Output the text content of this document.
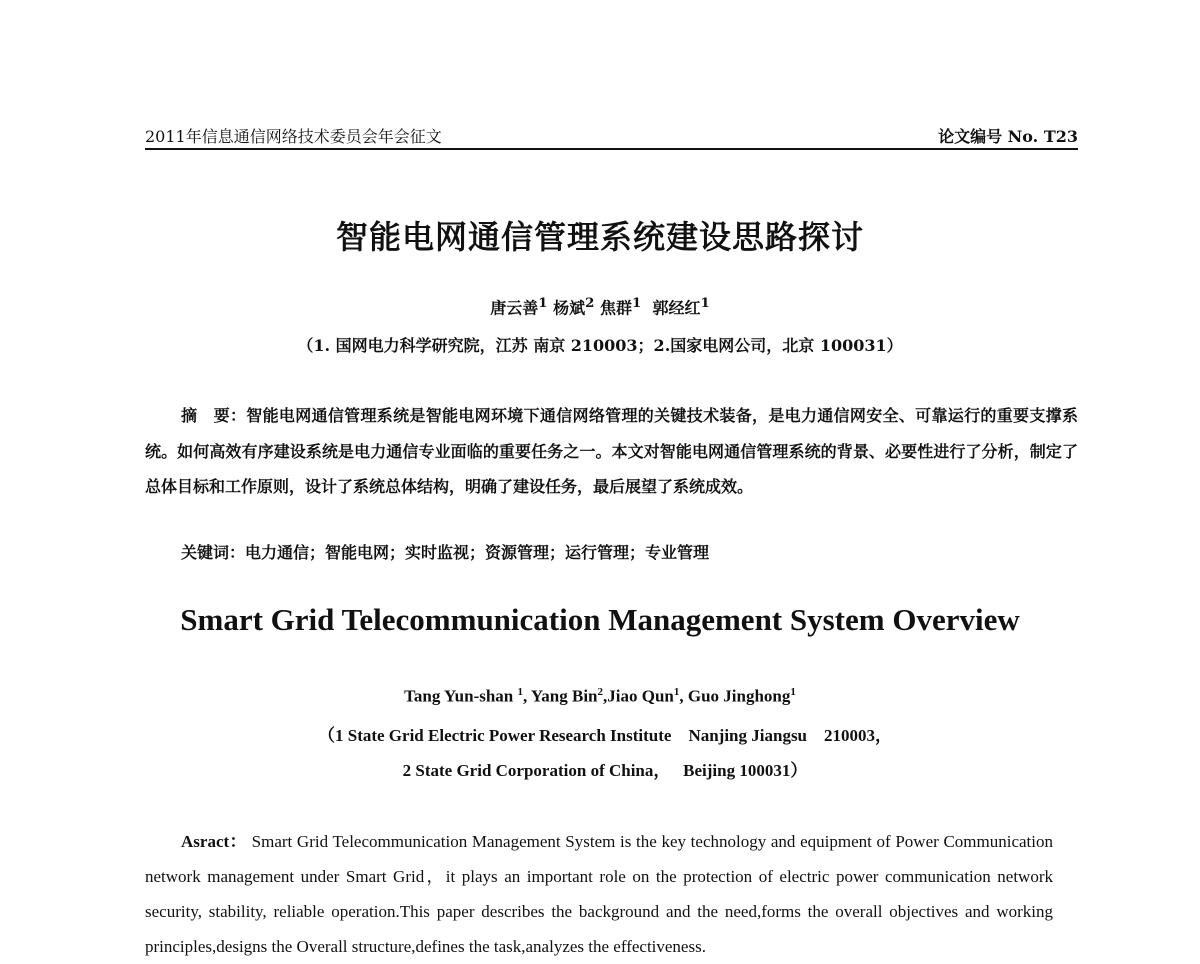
2011年信息通信网络技术委员会年会征文	论文编号 No. T23
智能电网通信管理系统建设思路探讨
唐云善$^1$ 杨斌$^2$ 焦群$^1$ 郭经红$^1$
（1. 国网电力科学研究院，江苏 南京 210003；2.国家电网公司，北京 100031）

摘　要：智能电网通信管理系统是智能电网环境下通信网络管理的关键技术装备，是电力通信网安全、可靠运行的重要支撑系统。如何高效有序建设系统是电力通信专业面临的重要任务之一。本文对智能电网通信管理系统的背景、必要性进行了分析，制定了总体目标和工作原则，设计了系统总体结构，明确了建设任务，最后展望了系统成效。

关键词：电力通信；智能电网；实时监视；资源管理；运行管理；专业管理
Smart Grid Telecommunication Management System Overview
Tang Yun-shan $^1$, Yang Bin$^2$,Jiao Qun$^1$, Guo Jinghong$^1$
（1 State Grid Electric Power Research Institute    Nanjing Jiangsu    210003，
2 State Grid Corporation of China，   Beijing 100031）

Asract： Smart Grid Telecommunication Management System is the key technology and equipment of Power Communication network management under Smart Grid，it plays an important role on the protection of electric power communication network security, stability, reliable operation.This paper describes the background and the need,forms the overall objectives and working principles,designs the Overall structure,defines the task,analyzes the effectiveness.
